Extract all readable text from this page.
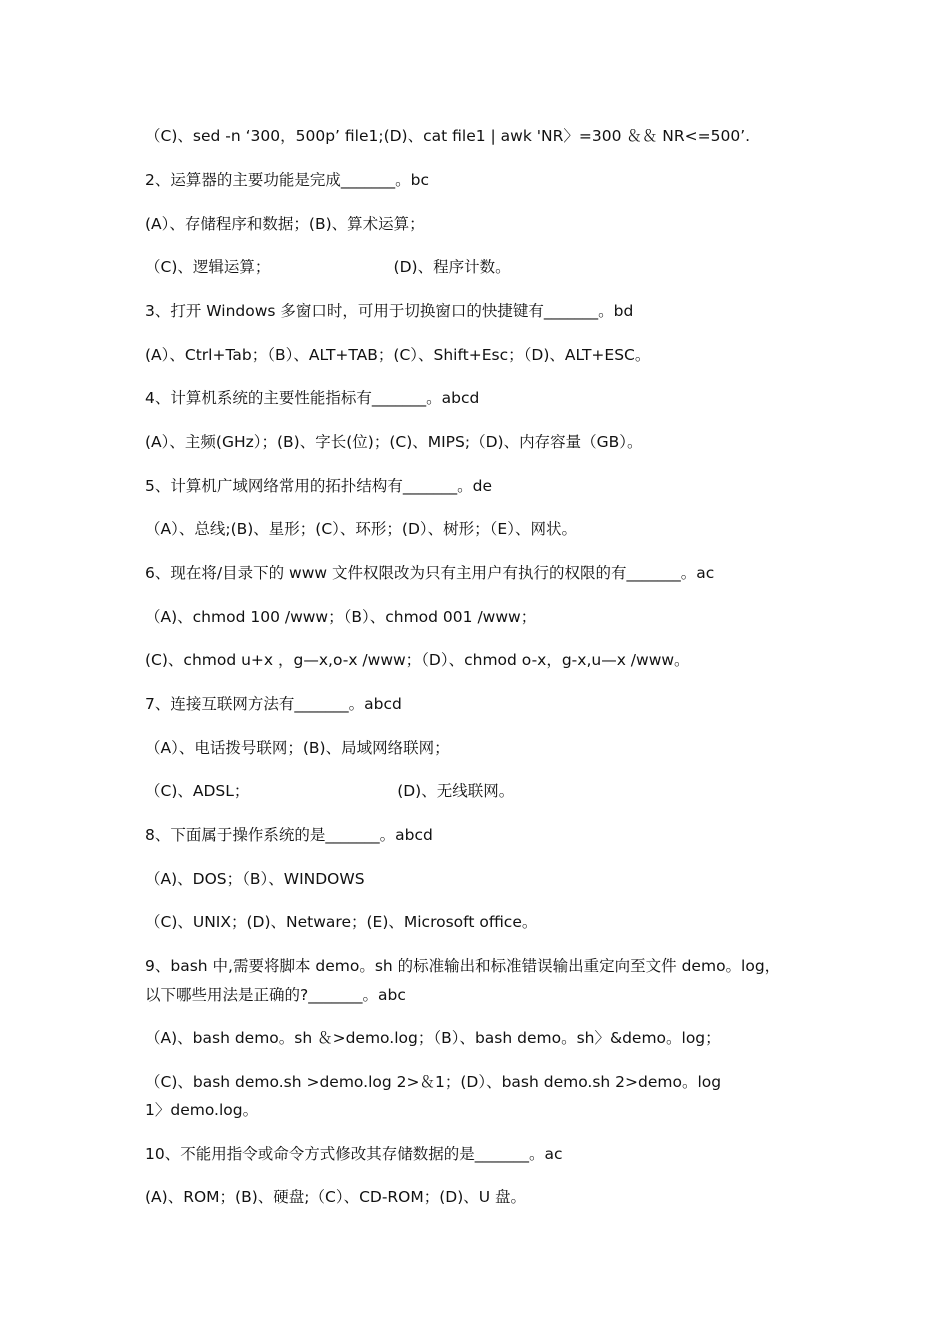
（C)、sed -n ‘300，500p’ file1;(D)、cat file1 | awk 'NR〉=300 ＆＆ NR<=500’.
2、运算器的主要功能是完成_______。bc
(A）、存储程序和数据；(B)、算术运算；
（C)、逻辑运算；                         (D)、程序计数。
3、打开 Windows 多窗口时，可用于切换窗口的快捷键有_______。bd
(A）、Ctrl+Tab；（B）、ALT+TAB；(C）、Shift+Esc；（D)、ALT+ESC。
4、计算机系统的主要性能指标有_______。abcd
(A）、主频(GHz）；(B)、字长(位)；(C)、MIPS;（D)、内存容量（GB）。
5、计算机广域网络常用的拓扑结构有_______。de
（A）、总线;(B)、星形；(C）、环形；(D）、树形；（E）、网状。
6、现在将/目录下的 www 文件权限改为只有主用户有执行的权限的有_______。ac
（A)、chmod 100 /www；（B）、chmod 001 /www；
(C)、chmod u+x ，g—x,o-x /www；（D）、chmod o-x，g-x,u—x /www。
7、连接互联网方法有_______。abcd
（A）、电话拨号联网；(B)、局域网络联网；
（C)、ADSL；                              (D)、无线联网。
8、下面属于操作系统的是_______。abcd
（A)、DOS；（B）、WINDOWS
（C)、UNIX；(D)、Netware；(E)、Microsoft office。
9、bash 中,需要将脚本 demo。sh 的标准输出和标准错误输出重定向至文件 demo。log，
以下哪些用法是正确的?_______。abc
（A)、bash demo。sh ＆>demo.log；（B）、bash demo。sh〉&demo。log；
（C)、bash demo.sh >demo.log 2>＆1；(D）、bash demo.sh 2>demo。log
1〉demo.log。
10、不能用指令或命令方式修改其存储数据的是_______。ac
(A)、ROM；(B)、硬盘;（C）、CD-ROM；(D)、U 盘。
